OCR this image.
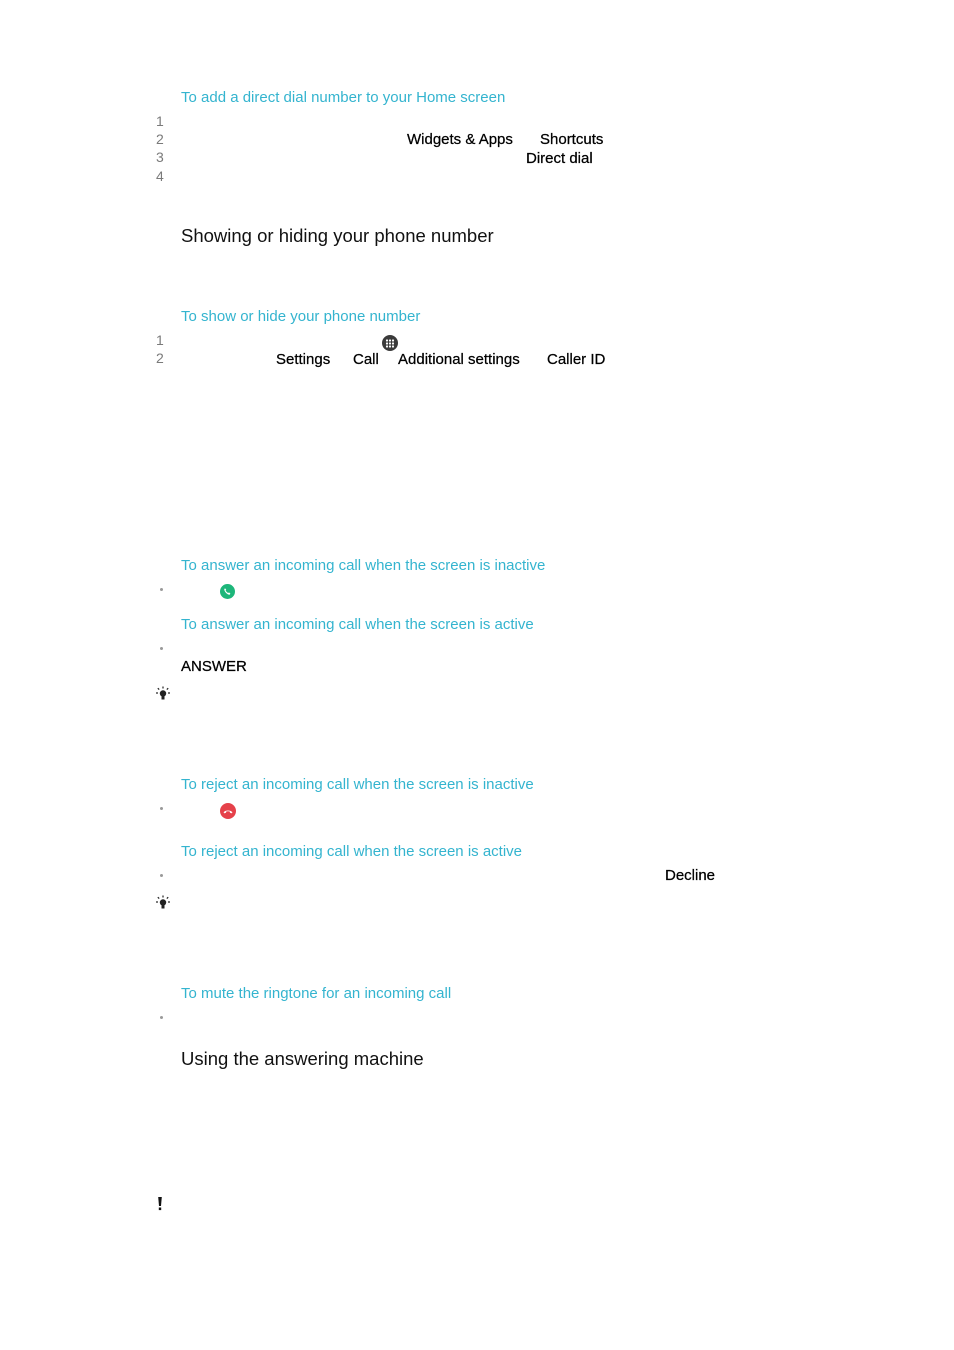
To add a direct dial number to your Home screen
1
2
3
4
Widgets & Apps Shortcuts
Direct dial
Showing or hiding your phone number
To show or hide your phone number
1
2	Settings Call Additional settings Caller ID
To answer an incoming call when the screen is inactive
To answer an incoming call when the screen is active
ANSWER
To reject an incoming call when the screen is inactive
To reject an incoming call when the screen is active
Decline
To mute the ringtone for an incoming call
Using the answering machine
